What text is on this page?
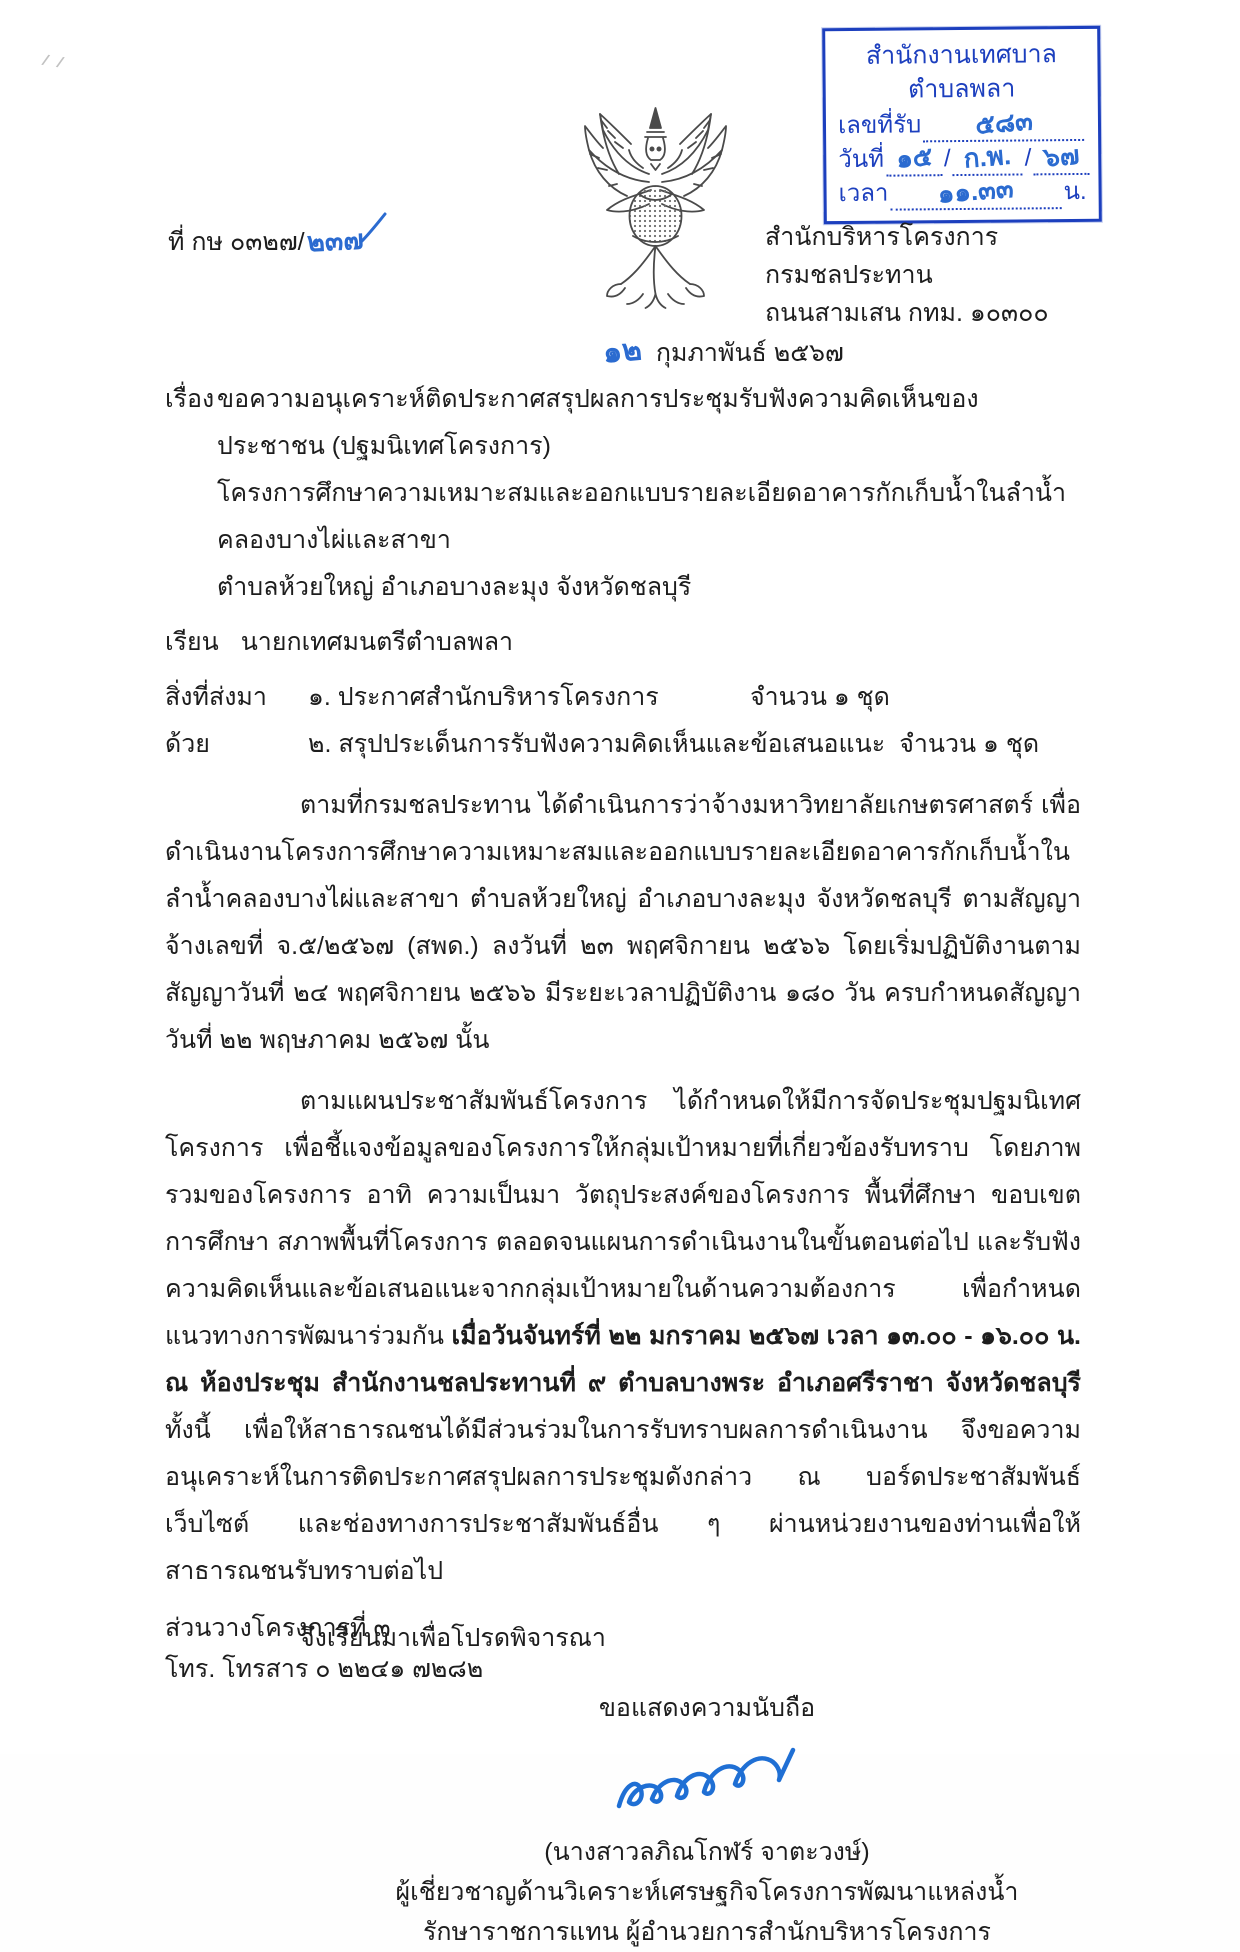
สำนักงานเทศบาลตำบลพลา
เลขที่รับ ๕๘๓
วันที่ ๑๕ / ก.พ. / ๖๗
เวลา ๑๑.๓๓ น.
ที่ กษ ๐๓๒๗/๒๓๗	สำนักบริหารโครงการ
กรมชลประทาน
ถนนสามเสน กทม. ๑๐๓๐๐
๑๒ กุมภาพันธ์ ๒๕๖๗
เรื่อง ขอความอนุเคราะห์ติดประกาศสรุปผลการประชุมรับฟังความคิดเห็นของประชาชน (ปฐมนิเทศโครงการ)
โครงการศึกษาความเหมาะสมและออกแบบรายละเอียดอาคารกักเก็บน้ำในลำน้ำคลองบางไผ่และสาขา
ตำบลห้วยใหญ่ อำเภอบางละมุง จังหวัดชลบุรี
เรียน นายกเทศมนตรีตำบลพลา
สิ่งที่ส่งมาด้วย
๑. ประกาศสำนักบริหารโครงการ	จำนวน ๑ ชุด
๒. สรุปประเด็นการรับฟังความคิดเห็นและข้อเสนอแนะ จำนวน ๑ ชุด

ตามที่กรมชลประทาน ได้ดำเนินการว่าจ้างมหาวิทยาลัยเกษตรศาสตร์ เพื่อดำเนินงานโครงการศึกษาความเหมาะสมและออกแบบรายละเอียดอาคารกักเก็บน้ำในลำน้ำคลองบางไผ่และสาขา ตำบลห้วยใหญ่ อำเภอบางละมุง จังหวัดชลบุรี ตามสัญญาจ้างเลขที่ จ.๕/๒๕๖๗ (สพด.) ลงวันที่ ๒๓ พฤศจิกายน ๒๕๖๖ โดยเริ่มปฏิบัติงานตามสัญญาวันที่ ๒๔ พฤศจิกายน ๒๕๖๖ มีระยะเวลาปฏิบัติงาน ๑๘๐ วัน ครบกำหนดสัญญาวันที่ ๒๒ พฤษภาคม ๒๕๖๗ นั้น

ตามแผนประชาสัมพันธ์โครงการ ได้กำหนดให้มีการจัดประชุมปฐมนิเทศโครงการ เพื่อชี้แจงข้อมูลของโครงการให้กลุ่มเป้าหมายที่เกี่ยวข้องรับทราบ โดยภาพรวมของโครงการ อาทิ ความเป็นมา วัตถุประสงค์ของโครงการ พื้นที่ศึกษา ขอบเขตการศึกษา สภาพพื้นที่โครงการ ตลอดจนแผนการดำเนินงานในขั้นตอนต่อไป และรับฟังความคิดเห็นและข้อเสนอแนะจากกลุ่มเป้าหมายในด้านความต้องการ เพื่อกำหนดแนวทางการพัฒนาร่วมกัน เมื่อวันจันทร์ที่ ๒๒ มกราคม ๒๕๖๗ เวลา ๑๓.๐๐ - ๑๖.๐๐ น. ณ ห้องประชุม สำนักงานชลประทานที่ ๙ ตำบลบางพระ อำเภอศรีราชา จังหวัดชลบุรี ทั้งนี้ เพื่อให้สาธารณชนได้มีส่วนร่วมในการรับทราบผลการดำเนินงาน จึงขอความอนุเคราะห์ในการติดประกาศสรุปผลการประชุมดังกล่าว ณ บอร์ดประชาสัมพันธ์ เว็บไซต์ และช่องทางการประชาสัมพันธ์อื่น ๆ ผ่านหน่วยงานของท่านเพื่อให้สาธารณชนรับทราบต่อไป

จึงเรียนมาเพื่อโปรดพิจารณา
ขอแสดงความนับถือ
(นางสาวลภิณโกฬร์ จาตะวงษ์)
ผู้เชี่ยวชาญด้านวิเคราะห์เศรษฐกิจโครงการพัฒนาแหล่งน้ำ
รักษาราชการแทน ผู้อำนวยการสำนักบริหารโครงการ
ส่วนวางโครงการที่ ๓
โทร. โทรสาร ๐ ๒๒๔๑ ๗๒๘๒
